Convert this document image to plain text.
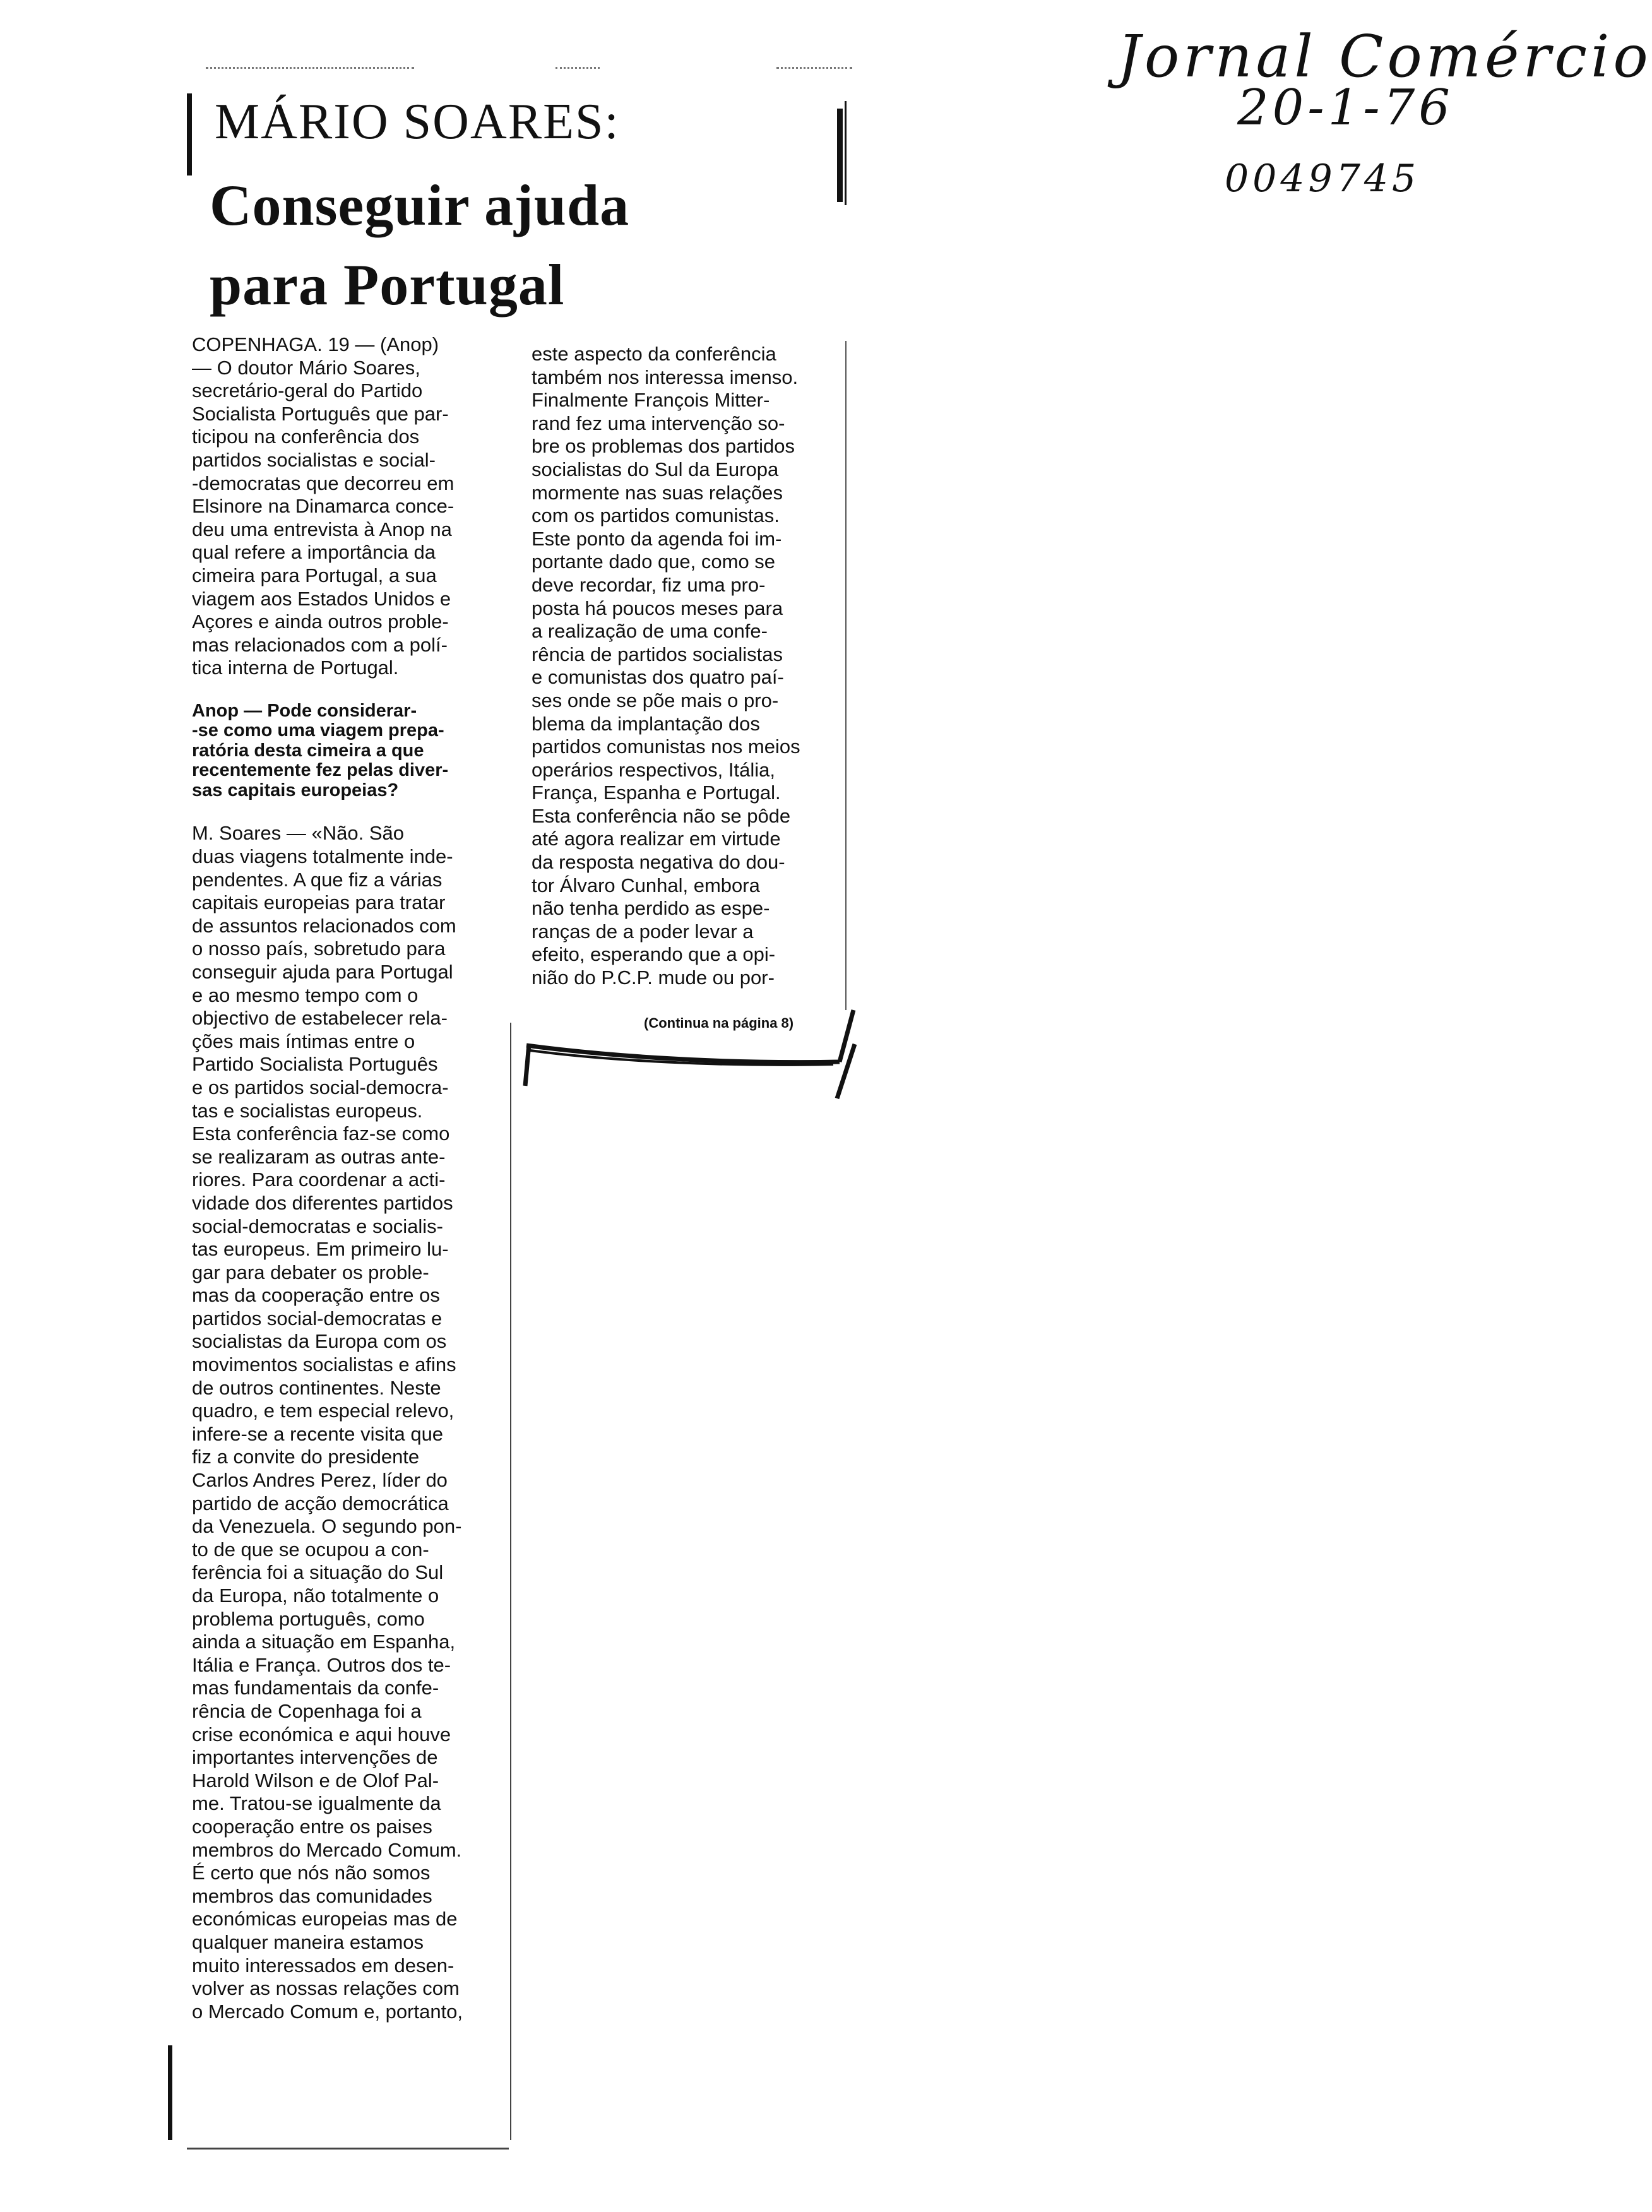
Jornal Comércio
20-1-76
0049745
MÁRIO SOARES:
Conseguir ajuda
para Portugal

COPENHAGA. 19 — (Anop)

— O doutor Mário Soares,

secretário-geral do Partido

Socialista Português que par-

ticipou na conferência dos

partidos socialistas e social-

-democratas que decorreu em

Elsinore na Dinamarca conce-

deu uma entrevista à Anop na

qual refere a importância da

cimeira para Portugal, a sua

viagem aos Estados Unidos e

Açores e ainda outros proble-

mas relacionados com a polí-

tica interna de Portugal.

Anop — Pode considerar-

-se como uma viagem prepa-

ratória desta cimeira a que

recentemente fez pelas diver-

sas capitais europeias?

M. Soares — «Não. São

duas viagens totalmente inde-

pendentes. A que fiz a várias

capitais europeias para tratar

de assuntos relacionados com

o nosso país, sobretudo para

conseguir ajuda para Portugal

e ao mesmo tempo com o

objectivo de estabelecer rela-

ções mais íntimas entre o

Partido Socialista Português

e os partidos social-democra-

tas e socialistas europeus.

Esta conferência faz-se como

se realizaram as outras ante-

riores. Para coordenar a acti-

vidade dos diferentes partidos

social-democratas e socialis-

tas europeus. Em primeiro lu-

gar para debater os proble-

mas da cooperação entre os

partidos social-democratas e

socialistas da Europa com os

movimentos socialistas e afins

de outros continentes. Neste

quadro, e tem especial relevo,

infere-se a recente visita que

fiz a convite do presidente

Carlos Andres Perez, líder do

partido de acção democrática

da Venezuela. O segundo pon-

to de que se ocupou a con-

ferência foi a situação do Sul

da Europa, não totalmente o

problema português, como

ainda a situação em Espanha,

Itália e França. Outros dos te-

mas fundamentais da confe-

rência de Copenhaga foi a

crise económica e aqui houve

importantes intervenções de

Harold Wilson e de Olof Pal-

me. Tratou-se igualmente da

cooperação entre os paises

membros do Mercado Comum.

É certo que nós não somos

membros das comunidades

económicas europeias mas de

qualquer maneira estamos

muito interessados em desen-

volver as nossas relações com

o Mercado Comum e, portanto,

este aspecto da conferência

também nos interessa imenso.

Finalmente François Mitter-

rand fez uma intervenção so-

bre os problemas dos partidos

socialistas do Sul da Europa

mormente nas suas relações

com os partidos comunistas.

Este ponto da agenda foi im-

portante dado que, como se

deve recordar, fiz uma pro-

posta há poucos meses para

a realização de uma confe-

rência de partidos socialistas

e comunistas dos quatro paí-

ses onde se põe mais o pro-

blema da implantação dos

partidos comunistas nos meios

operários respectivos, Itália,

França, Espanha e Portugal.

Esta conferência não se pôde

até agora realizar em virtude

da resposta negativa do dou-

tor Álvaro Cunhal, embora

não tenha perdido as espe-

ranças de a poder levar a

efeito, esperando que a opi-

nião do P.C.P. mude ou por-

(Continua na página 8)
